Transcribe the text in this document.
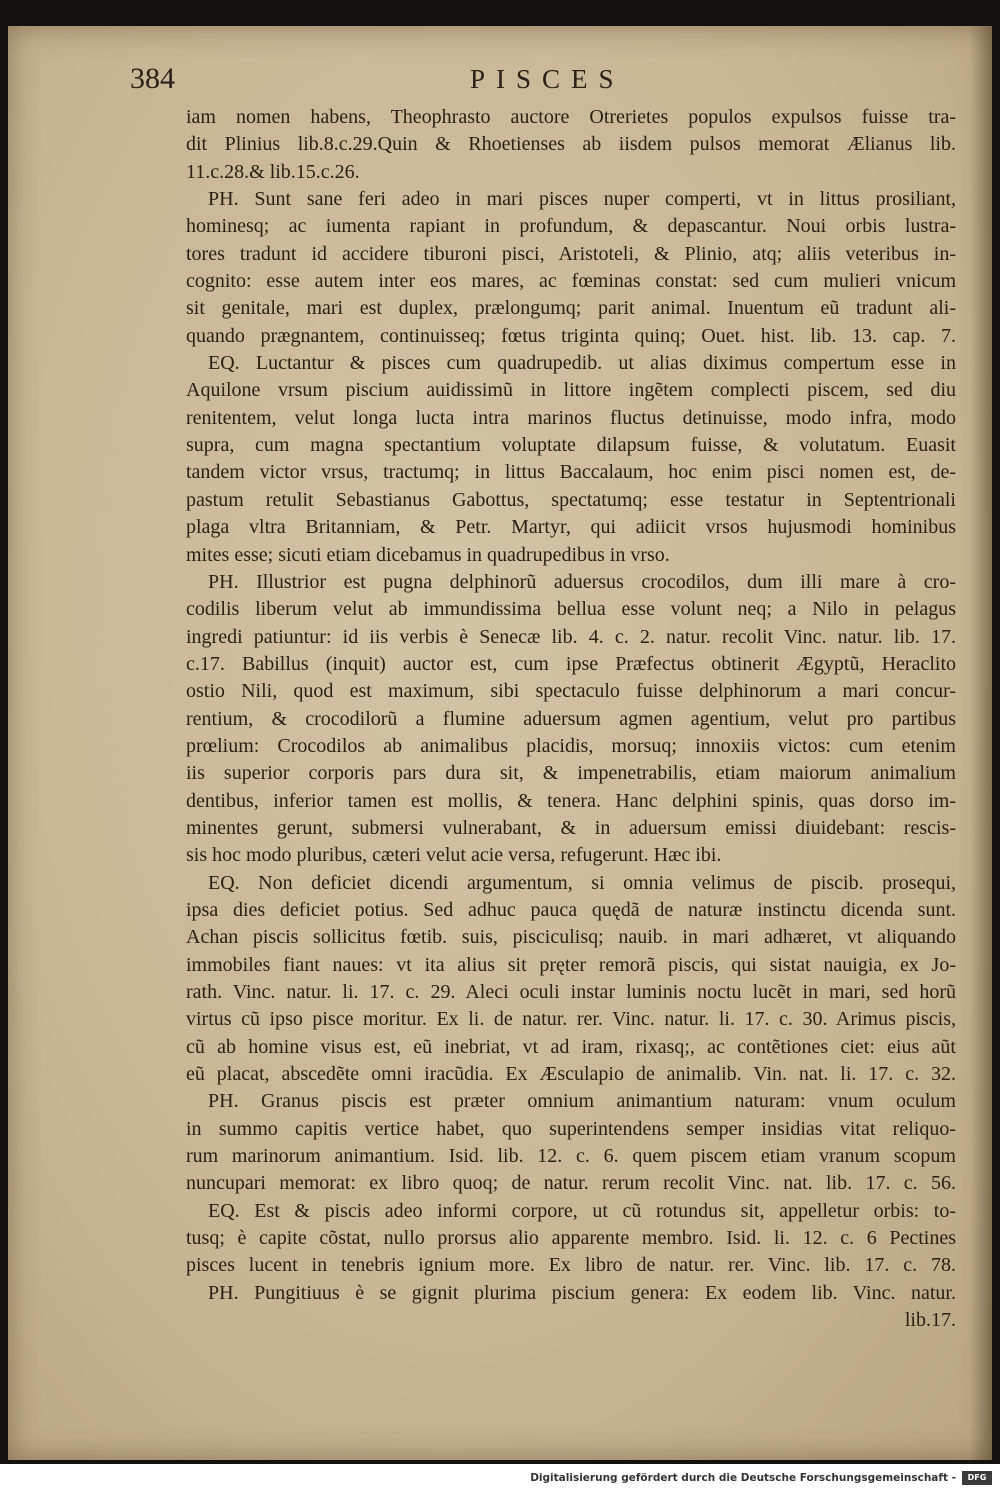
384	PISCES
iam nomen habens, Theophrasto auctore Otrerietes populos expulsos fuisse tra-
dit Plinius lib.8.c.29.Quin & Rhoetienses ab iisdem pulsos memorat Ælianus lib.
11.c.28.& lib.15.c.26.
PH. Sunt sane feri adeo in mari pisces nuper comperti, vt in littus prosiliant,
hominesq; ac iumenta rapiant in profundum, & depascantur. Noui orbis lustra-
tores tradunt id accidere tiburoni pisci, Aristoteli, & Plinio, atq; aliis veteribus in-
cognito: esse autem inter eos mares, ac fœminas constat: sed cum mulieri vnicum
sit genitale, mari est duplex, prælongumq; parit animal. Inuentum eũ tradunt ali-
quando prægnantem, continuisseq; fœtus triginta quinq; Ouet. hist. lib. 13. cap. 7.
EQ. Luctantur & pisces cum quadrupedib. ut alias diximus compertum esse in
Aquilone vrsum piscium auidissimũ in littore ingẽtem complecti piscem, sed diu
renitentem, velut longa lucta intra marinos fluctus detinuisse, modo infra, modo
supra, cum magna spectantium voluptate dilapsum fuisse, & volutatum. Euasit
tandem victor vrsus, tractumq; in littus Baccalaum, hoc enim pisci nomen est, de-
pastum retulit Sebastianus Gabottus, spectatumq; esse testatur in Septentrionali
plaga vltra Britanniam, & Petr. Martyr, qui adiicit vrsos hujusmodi hominibus
mites esse; sicuti etiam dicebamus in quadrupedibus in vrso.
PH. Illustrior est pugna delphinorũ aduersus crocodilos, dum illi mare à cro-
codilis liberum velut ab immundissima bellua esse volunt neq; a Nilo in pelagus
ingredi patiuntur: id iis verbis è Senecæ lib. 4. c. 2. natur. recolit Vinc. natur. lib. 17.
c.17. Babillus (inquit) auctor est, cum ipse Præfectus obtinerit Ægyptũ, Heraclito
ostio Nili, quod est maximum, sibi spectaculo fuisse delphinorum a mari concur-
rentium, & crocodilorũ a flumine aduersum agmen agentium, velut pro partibus
prœlium: Crocodilos ab animalibus placidis, morsuq; innoxiis victos: cum etenim
iis superior corporis pars dura sit, & impenetrabilis, etiam maiorum animalium
dentibus, inferior tamen est mollis, & tenera. Hanc delphini spinis, quas dorso im-
minentes gerunt, submersi vulnerabant, & in aduersum emissi diuidebant: rescis-
sis hoc modo pluribus, cæteri velut acie versa, refugerunt. Hæc ibi.
EQ. Non deficiet dicendi argumentum, si omnia velimus de piscib. prosequi,
ipsa dies deficiet potius. Sed adhuc pauca quędã de naturæ instinctu dicenda sunt.
Achan piscis sollicitus fœtib. suis, pisciculisq; nauib. in mari adhæret, vt aliquando
immobiles fiant naues: vt ita alius sit pręter remorã piscis, qui sistat nauigia, ex Jo-
rath. Vinc. natur. li. 17. c. 29. Aleci oculi instar luminis noctu lucẽt in mari, sed horũ
virtus cũ ipso pisce moritur. Ex li. de natur. rer. Vinc. natur. li. 17. c. 30. Arimus piscis,
cũ ab homine visus est, eũ inebriat, vt ad iram, rixasq;, ac contẽtiones ciet: eius aũt
eũ placat, abscedẽte omni iracũdia. Ex Æsculapio de animalib. Vin. nat. li. 17. c. 32.
PH. Granus piscis est præter omnium animantium naturam: vnum oculum
in summo capitis vertice habet, quo superintendens semper insidias vitat reliquo-
rum marinorum animantium. Isid. lib. 12. c. 6. quem piscem etiam vranum scopum
nuncupari memorat: ex libro quoq; de natur. rerum recolit Vinc. nat. lib. 17. c. 56.
EQ. Est & piscis adeo informi corpore, ut cũ rotundus sit, appelletur orbis: to-
tusq; è capite cõstat, nullo prorsus alio apparente membro. Isid. li. 12. c. 6 Pectines
pisces lucent in tenebris ignium more. Ex libro de natur. rer. Vinc. lib. 17. c. 78.
PH. Pungitiuus è se gignit plurima piscium genera: Ex eodem lib. Vinc. natur.
lib.17.
Digitalisierung gefördert durch die Deutsche Forschungsgemeinschaft -	DFG
